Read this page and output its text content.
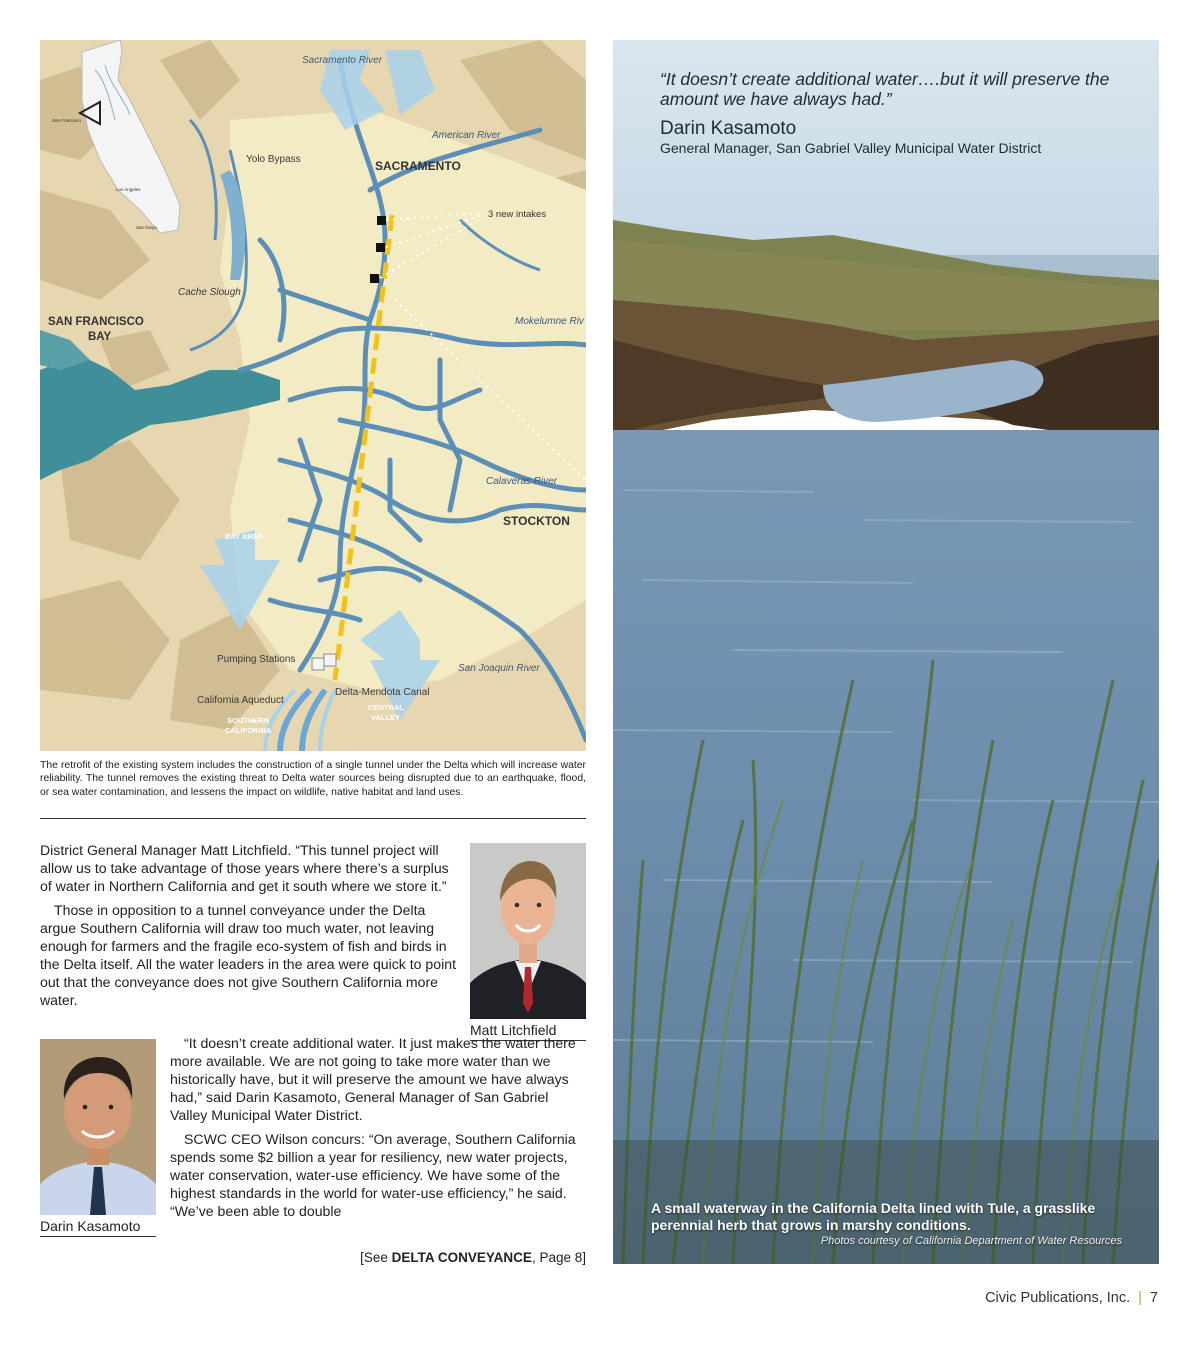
Sacramento River
American River
Yolo Bypass	SACRAMENTO
3 new intakes
Cache Slough
SAN FRANCISCO
BAY
Mokelumne Riv
Calaveras River
STOCKTON
BAY AREA
Pumping Stations
San Joaquin River
California Aqueduct
Delta-Mendota Canal
CENTRAL
VALLEY
SOUTHERN
CALIFORNIA
San Francisco
Los Angeles
San Diego
The retrofit of the existing system includes the construction of a single tunnel under the Delta which will increase water reliability. The tunnel removes the existing threat to Delta water sources being disrupted due to an earthquake, flood, or sea water contamination, and lessens the impact on wildlife, native habitat and land uses.

District General Manager Matt Litchfield. “This tunnel project will allow us to take advantage of those years where there’s a surplus of water in Northern California and get it south where we store it.”

Those in opposition to a tunnel conveyance under the Delta argue Southern California will draw too much water, not leaving enough for farmers and the fragile eco-system of fish and birds in the Delta itself. All the water leaders in the area were quick to point out that the conveyance does not give Southern California more water.

Matt Litchfield
Darin Kasamoto

“It doesn’t create additional water. It just makes the water there more available. We are not going to take more water than we historically have, but it will preserve the amount we have always had,” said Darin Kasamoto, General Manager of San Gabriel Valley Municipal Water District.

SCWC CEO Wilson concurs: “On average, Southern California spends some $2 billion a year for resiliency, new water projects, water conservation, water-use efficiency. We have some of the highest standards in the world for water-use efficiency,” he said. “We’ve been able to double

[See DELTA CONVEYANCE, Page 8]
“It doesn’t create additional water….but it will preserve the amount we have always had.”
Darin Kasamoto
General Manager, San Gabriel Valley Municipal Water District
A small waterway in the California Delta lined with Tule, a grasslike perennial herb that grows in marshy conditions.
Photos courtesy of California Department of Water Resources
Civic Publications, Inc. | 7
